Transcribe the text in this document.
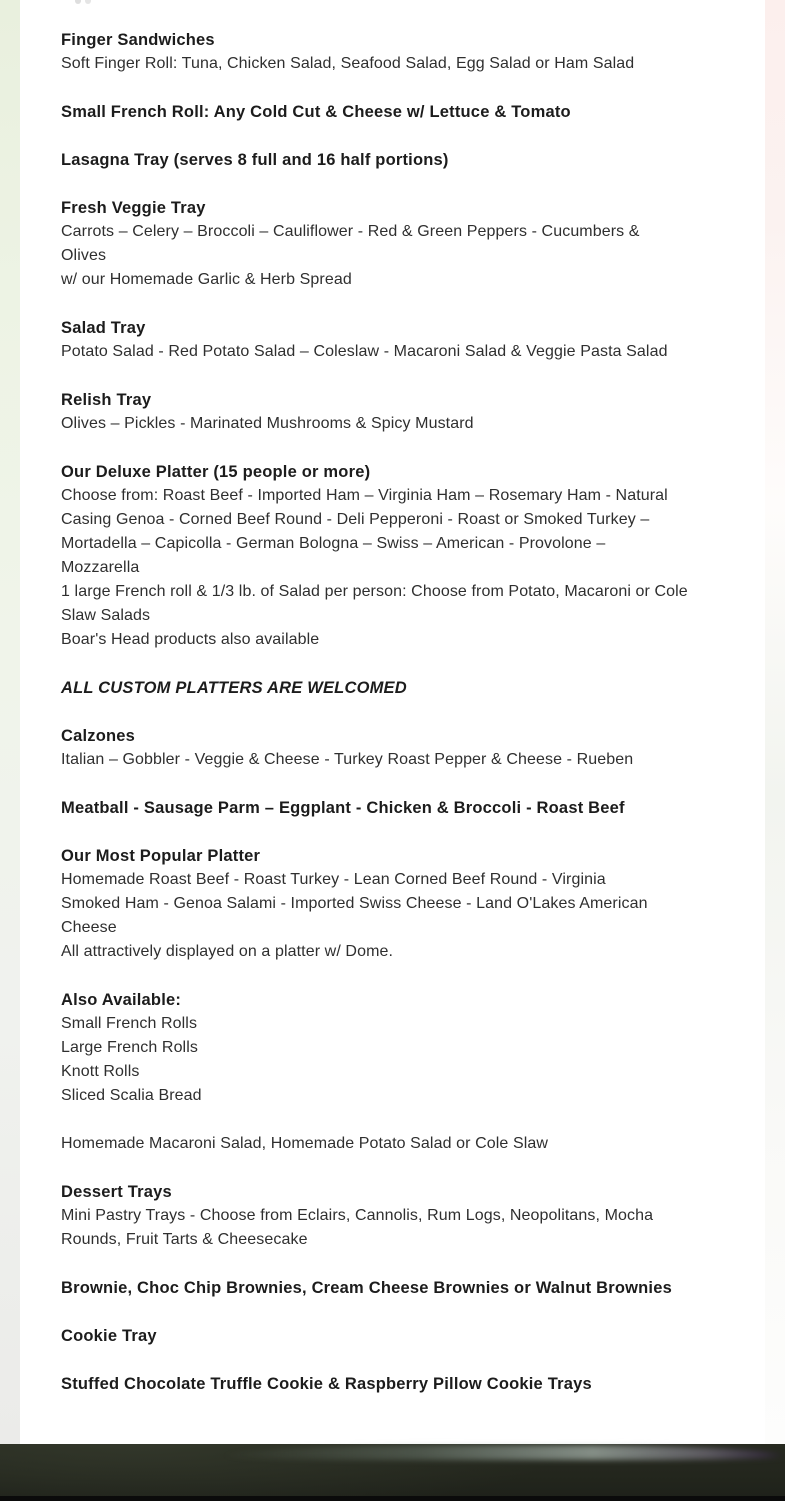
Finger Sandwiches

Soft Finger Roll: Tuna, Chicken Salad, Seafood Salad, Egg Salad or Ham Salad

Small French Roll: Any Cold Cut & Cheese w/ Lettuce & Tomato
Lasagna Tray (serves 8 full and 16 half portions)
Fresh Veggie Tray

Carrots – Celery – Broccoli – Cauliflower - Red & Green Peppers - Cucumbers &

Olives

w/ our Homemade Garlic & Herb Spread

Salad Tray

Potato Salad - Red Potato Salad – Coleslaw - Macaroni Salad & Veggie Pasta Salad

Relish Tray

Olives – Pickles - Marinated Mushrooms & Spicy Mustard

Our Deluxe Platter (15 people or more)

Choose from: Roast Beef - Imported Ham – Virginia Ham – Rosemary Ham - Natural

Casing Genoa - Corned Beef Round - Deli Pepperoni - Roast or Smoked Turkey –

Mortadella – Capicolla - German Bologna – Swiss – American - Provolone –

Mozzarella

1 large French roll & 1/3 lb. of Salad per person: Choose from Potato, Macaroni or Cole

Slaw Salads

Boar's Head products also available

ALL CUSTOM PLATTERS ARE WELCOMED
Calzones

Italian – Gobbler - Veggie & Cheese - Turkey Roast Pepper & Cheese - Rueben

Meatball - Sausage Parm – Eggplant - Chicken & Broccoli - Roast Beef
Our Most Popular Platter

Homemade Roast Beef - Roast Turkey - Lean Corned Beef Round - Virginia

Smoked Ham - Genoa Salami - Imported Swiss Cheese - Land O'Lakes American

Cheese

All attractively displayed on a platter w/ Dome.

Also Available:

Small French Rolls

Large French Rolls

Knott Rolls

Sliced Scalia Bread

Homemade Macaroni Salad, Homemade Potato Salad or Cole Slaw

Dessert Trays

Mini Pastry Trays - Choose from Eclairs, Cannolis, Rum Logs, Neopolitans, Mocha

Rounds, Fruit Tarts & Cheesecake

Brownie, Choc Chip Brownies, Cream Cheese Brownies or Walnut Brownies
Cookie Tray
Stuffed Chocolate Truffle Cookie & Raspberry Pillow Cookie Trays
